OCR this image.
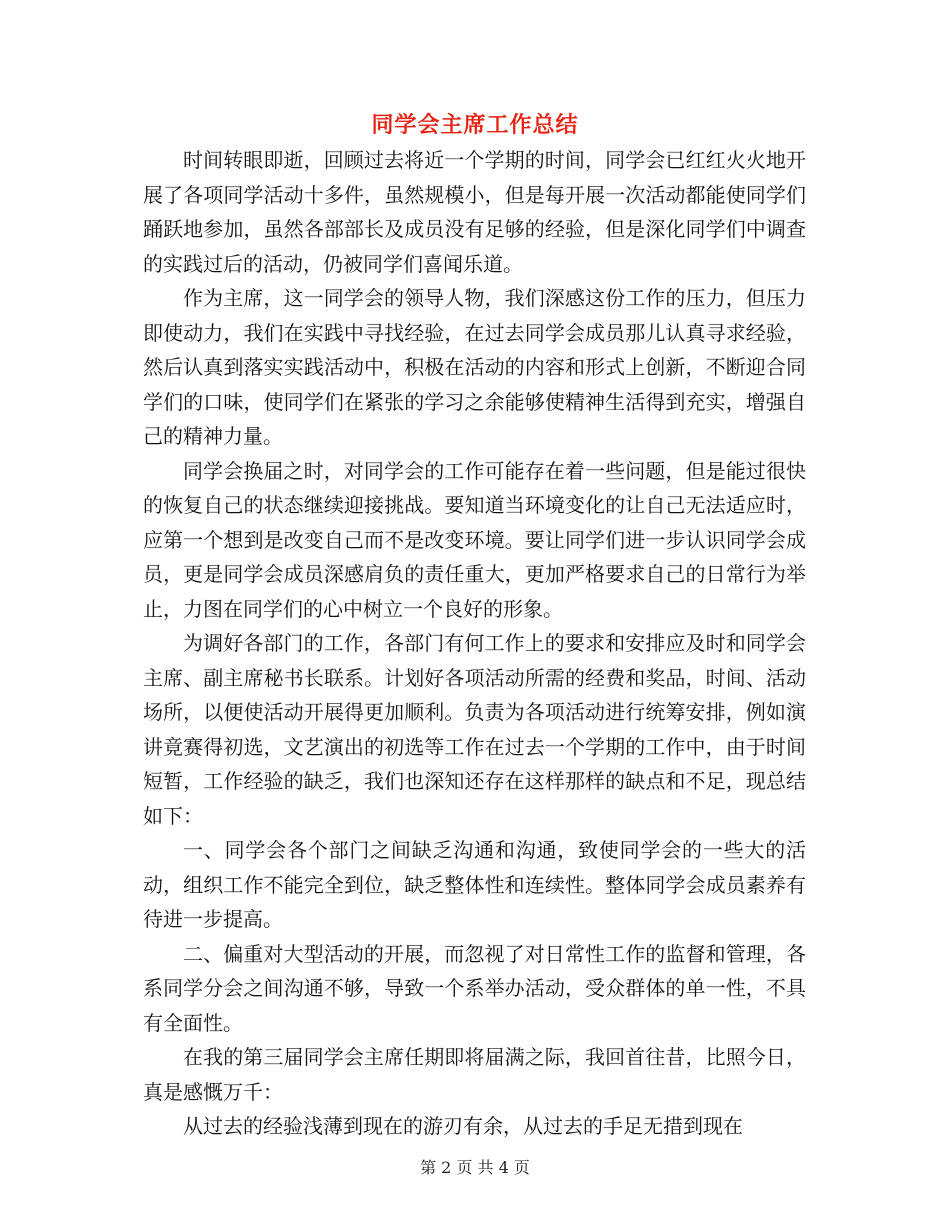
同学会主席工作总结

时间转眼即逝，回顾过去将近一个学期的时间，同学会已红红火火地开展了各项同学活动十多件，虽然规模小，但是每开展一次活动都能使同学们踊跃地参加，虽然各部部长及成员没有足够的经验，但是深化同学们中调查的实践过后的活动，仍被同学们喜闻乐道。

作为主席，这一同学会的领导人物，我们深感这份工作的压力，但压力即使动力，我们在实践中寻找经验，在过去同学会成员那儿认真寻求经验，然后认真到落实实践活动中，积极在活动的内容和形式上创新，不断迎合同学们的口味，使同学们在紧张的学习之余能够使精神生活得到充实，增强自己的精神力量。

同学会换届之时，对同学会的工作可能存在着一些问题，但是能过很快的恢复自己的状态继续迎接挑战。要知道当环境变化的让自己无法适应时，应第一个想到是改变自己而不是改变环境。要让同学们进一步认识同学会成员，更是同学会成员深感肩负的责任重大，更加严格要求自己的日常行为举止，力图在同学们的心中树立一个良好的形象。

为调好各部门的工作，各部门有何工作上的要求和安排应及时和同学会主席、副主席秘书长联系。计划好各项活动所需的经费和奖品，时间、活动场所，以便使活动开展得更加顺利。负责为各项活动进行统筹安排，例如演讲竟赛得初选，文艺演出的初选等工作在过去一个学期的工作中，由于时间短暂，工作经验的缺乏，我们也深知还存在这样那样的缺点和不足，现总结如下：

一、同学会各个部门之间缺乏沟通和沟通，致使同学会的一些大的活动，组织工作不能完全到位，缺乏整体性和连续性。整体同学会成员素养有待进一步提高。

二、偏重对大型活动的开展，而忽视了对日常性工作的监督和管理，各系同学分会之间沟通不够，导致一个系举办活动，受众群体的单一性，不具有全面性。

在我的第三届同学会主席任期即将届满之际，我回首往昔，比照今日，真是感慨万千：

从过去的经验浅薄到现在的游刃有余，从过去的手足无措到现在

第 2 页 共 4 页
